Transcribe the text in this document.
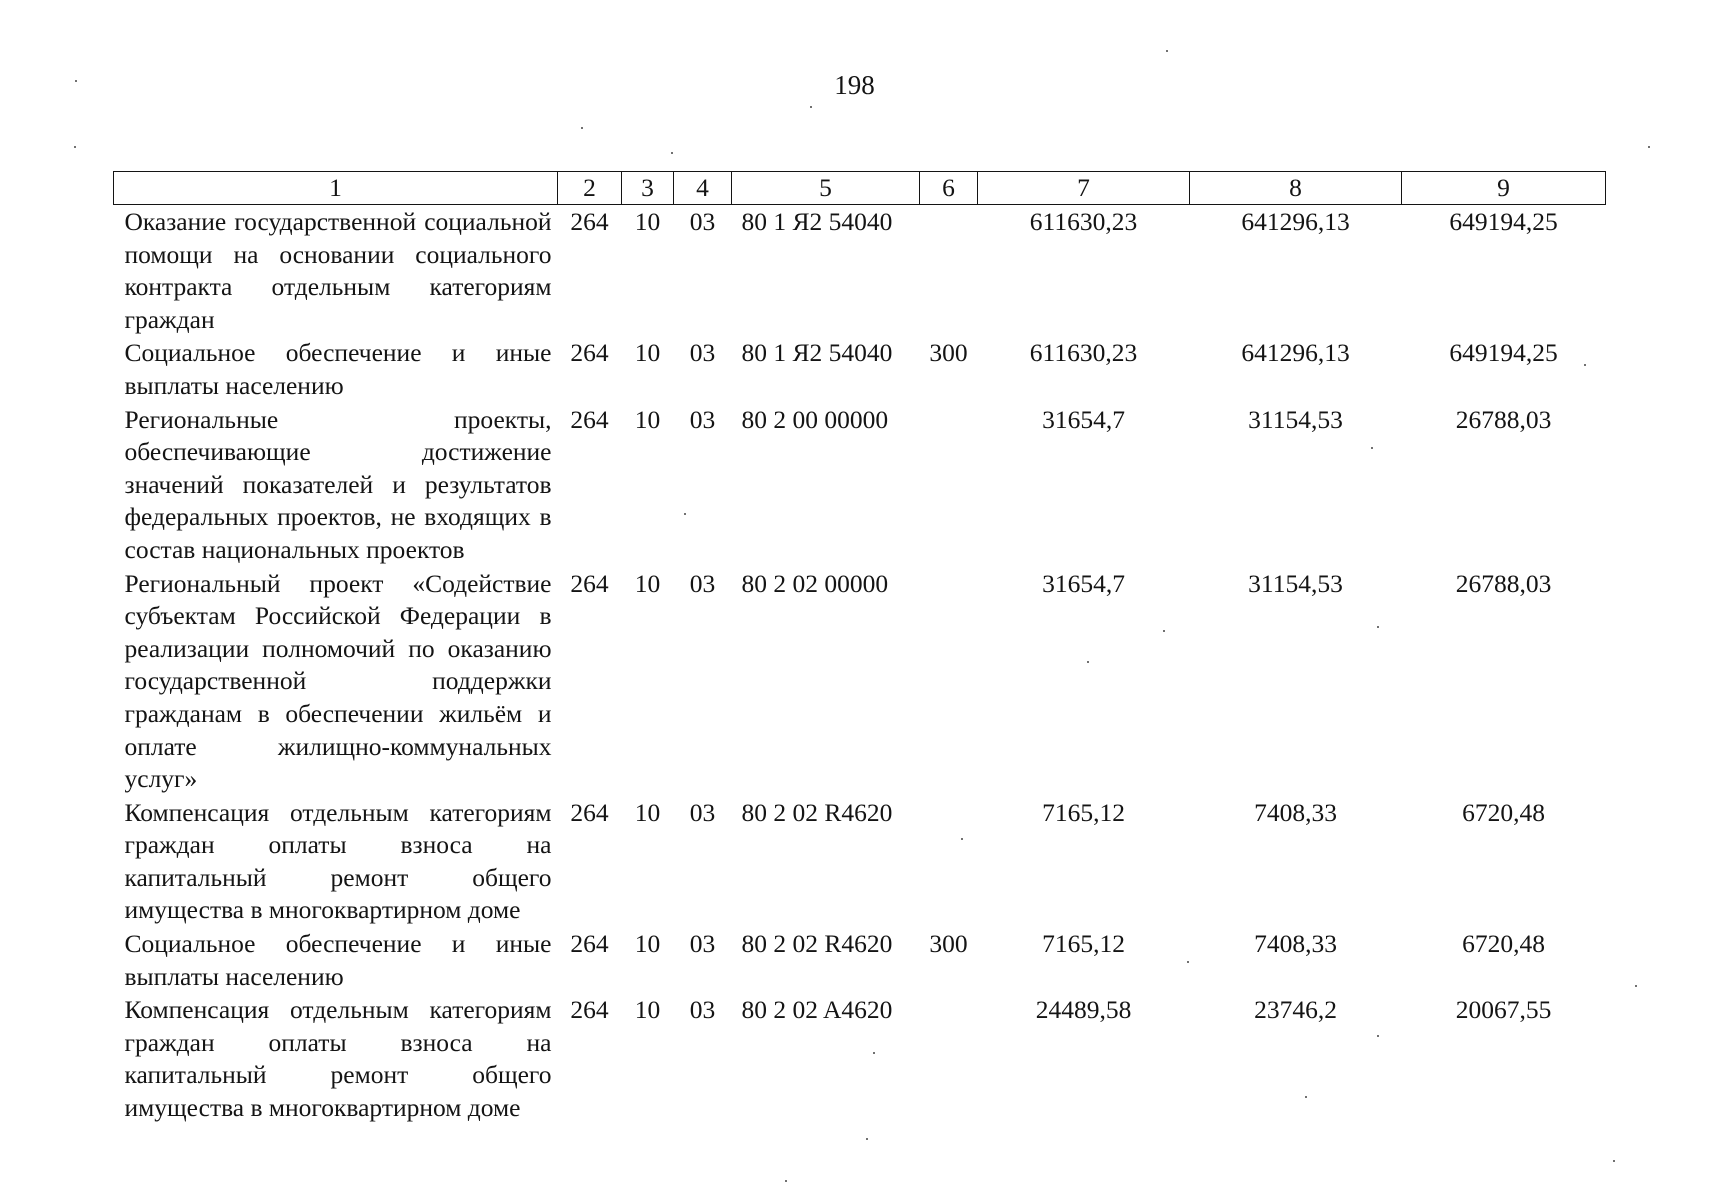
198
1	2	3	4	5	6	7	8	9
Оказание государственной социальной помощи на основании социального контракта отдельным категориям граждан	264	10	03	80 1 Я2 54040		611630,23	641296,13	649194,25
Социальное обеспечение и иные выплаты населению	264	10	03	80 1 Я2 54040	300	611630,23	641296,13	649194,25
Региональные проекты, обеспечивающие достижение значений показателей и результатов федеральных проектов, не входящих в состав национальных проектов	264	10	03	80 2 00 00000		31654,7	31154,53	26788,03
Региональный проект «Содействие субъектам Российской Федерации в реализации полномочий по оказанию государственной поддержки гражданам в обеспечении жильём и оплате жилищно-коммунальных услуг»	264	10	03	80 2 02 00000		31654,7	31154,53	26788,03
Компенсация отдельным категориям граждан оплаты взноса на капитальный ремонт общего имущества в многоквартирном доме	264	10	03	80 2 02 R4620		7165,12	7408,33	6720,48
Социальное обеспечение и иные выплаты населению	264	10	03	80 2 02 R4620	300	7165,12	7408,33	6720,48
Компенсация отдельным категориям граждан оплаты взноса на капитальный ремонт общего имущества в многоквартирном доме	264	10	03	80 2 02 A4620		24489,58	23746,2	20067,55
